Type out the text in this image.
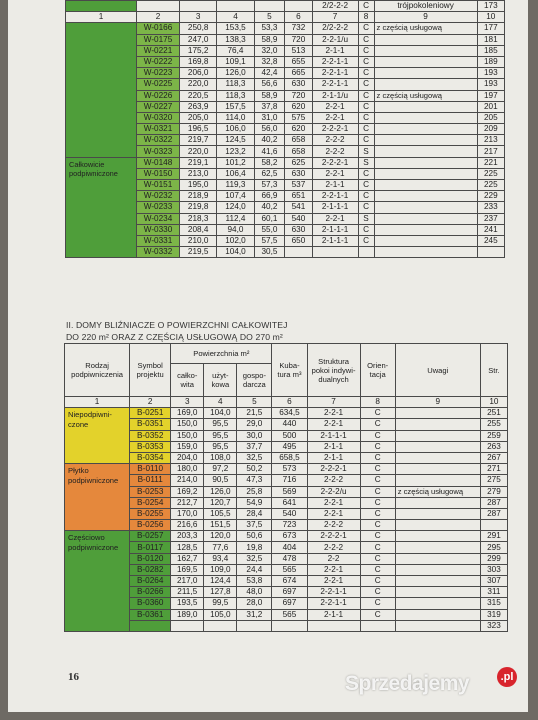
						2/2-2-2	C	trójpokoleniowy	173
1	2	3	4	5	6	7	8	9	10
	W-0166	250,8	153,5	53,3	732	2/2-2-2	C	z częścią usługową	177
	W-0175	247,0	138,3	58,9	720	2-2-1/u	C		181
	W-0221	175,2	76,4	32,0	513	2-1-1	C		185
	W-0222	169,8	109,1	32,8	655	2-2-1-1	C		189
	W-0223	206,0	126,0	42,4	665	2-2-1-1	C		193
	W-0225	220,0	118,3	56,6	630	2-2-1-1	C		193
	W-0226	220,5	118,3	58,9	720	2-1-1/u	C	z częścią usługową	197
	W-0227	263,9	157,5	37,8	620	2-2-1	C		201
	W-0320	205,0	114,0	31,0	575	2-2-1	C		205
	W-0321	196,5	106,0	56,0	620	2-2-2-1	C		209
	W-0322	219,7	124,5	40,2	658	2-2-2	C		213
	W-0323	220,0	123,2	41,6	658	2-2-2	S		217

Całkowicie
podpiwniczone	W-0148	219,1	101,2	58,2	625	2-2-2-1	S		221
	W-0150	213,0	106,4	62,5	630	2-2-1	C		225
	W-0151	195,0	119,3	57,3	537	2-1-1	C		225
	W-0232	218,9	107,4	66,9	651	2-2-1-1	C		229
	W-0233	219,8	124,0	40,2	541	2-1-1-1	C		233
	W-0234	218,3	112,4	60,1	540	2-2-1	S		237
	W-0330	208,4	94,0	55,0	630	2-1-1-1	C		241
	W-0331	210,0	102,0	57,5	650	2-1-1-1	C		245
	W-0332	219,5	104,0	30,5					
II. DOMY BLIŹNIACZE O POWIERZCHNI CAŁKOWITEJ
DO 220 m² ORAZ Z CZĘŚCIĄ USŁUGOWĄ DO 270 m²
Rodzaj podpiwniczenia	Symbol projektu	Powierzchnia m²			Kuba-tura m³	Struktura pokoi indywi-dualnych	Orien-tacja	Uwagi	Str.
		całko-wita	użyt-kowa	gospo-darcza					
1	2	3	4	5	6	7	8	9	10
Niepodpiwni-czone	B-0251	169,0	104,0	21,5	634,5	2-2-1	C		251
	B-0351	150,0	95,5	29,0	440	2-2-1	C		255
	B-0352	150,0	95,5	30,0	500	2-1-1-1	C		259
	B-0353	159,0	95,5	37,7	495	2-1-1	C		263
	B-0354	204,0	108,0	32,5	658,5	2-1-1	C		267
Płytko podpiwniczone	B-0110	180,0	97,2	50,2	573	2-2-2-1	C		271
	B-0111	214,0	90,5	47,3	716	2-2-2	C		275
	B-0253	169,2	126,0	25,8	569	2-2-2/u	C	z częścią usługową	279
	B-0254	212,7	120,7	54,9	641	2-2-1	C		287
	B-0255	170,0	105,5	28,4	540	2-2-1	C		287
	B-0256	216,6	151,5	37,5	723	2-2-2	C		
Częściowo podpiwniczone	B-0257	203,3	120,0	50,6	673	2-2-2-1	C		291
	B-0117	128,5	77,6	19,8	404	2-2-2	C		295
	B-0120	162,7	93,4	32,5	478	2-2	C		299
	B-0282	169,5	109,0	24,4	565	2-2-1	C		303
	B-0264	217,0	124,4	53,8	674	2-2-1	C		307
	B-0266	211,5	127,8	48,0	697	2-2-1-1	C		311
	B-0360	193,5	99,5	28,0	697	2-2-1-1	C		315
	B-0361	189,0	105,0	31,2	565	2-1-1	C		319
									323
16	Sprzedajemy	.pl
